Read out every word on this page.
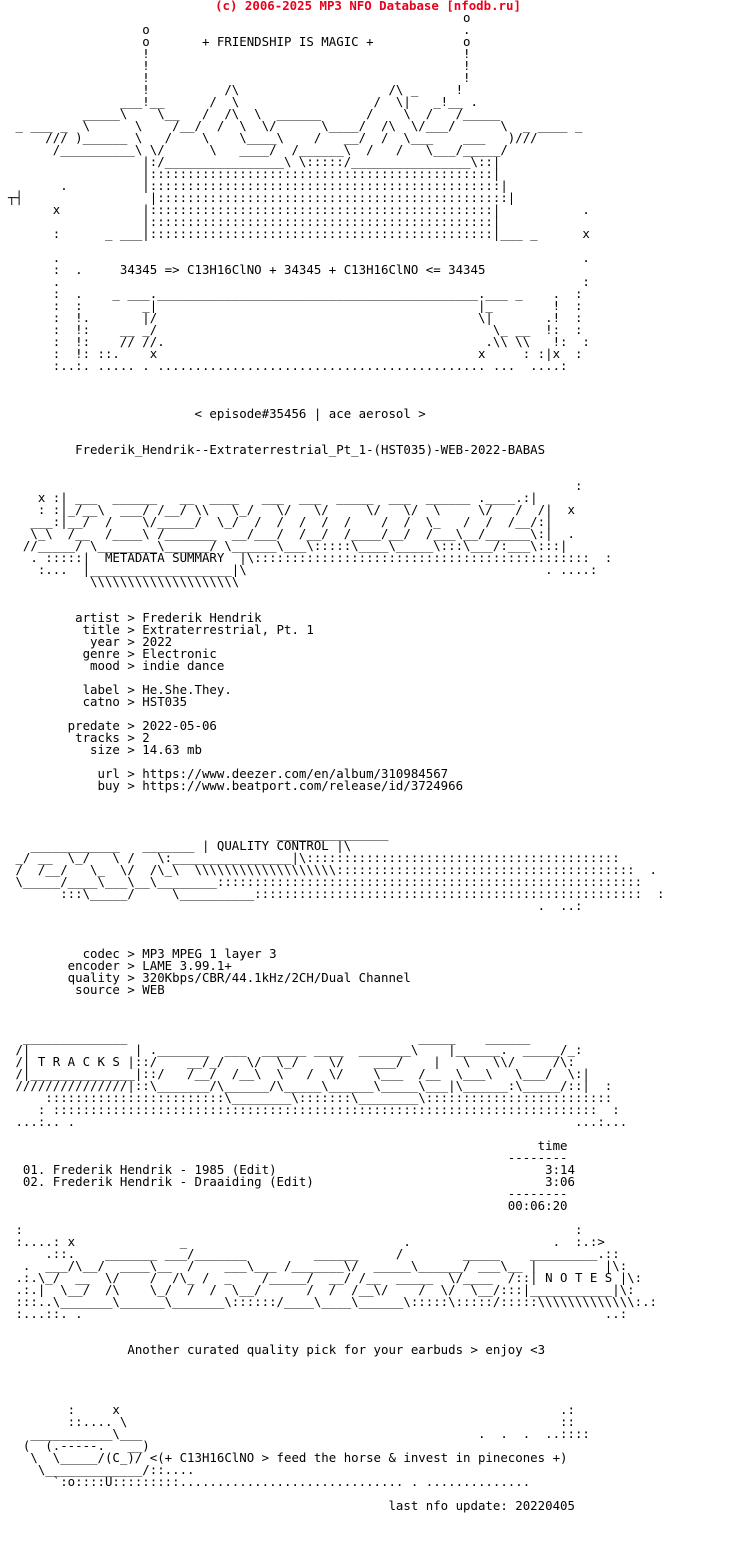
(c) 2006-2025 MP3 NFO Database [nfodb.ru]
o
o                                          .
o       + FRIENDSHIP IS MAGIC +            o
!                                          !
!                                          !
!                                          !
!          /\                    /\ _     !
___!__      /  \                  /  \|   _!__ .
_____\    \__   /  /\  \  ______      /    \  /   /_____
_ ___ _  \      \    /__/  /  \  \/      \____/  /\  \/___/      \  _ ____ _
/// )______ \   /    \    \____\    /   __/  /  \___    ___   )///
/__________\ \/      \   ____/  /______\  /   /   \___/_____/
|:/________________\ \:::::/________________\::|
|::::::::::::::::::::::::::::::::::::::::::::::|
.          |:::::::::::::::::::::::::::::::::::::::::::::::|
┬┤                 |:::::::::::::::::::::::::::::::::::::::::::::::|
x           |::::::::::::::::::::::::::::::::::::::::::::::|           .
|::::::::::::::::::::::::::::::::::::::::::::::|
:      _ ___|::::::::::::::::::::::::::::::::::::::::::::::|___ _      x

.                                                                      .
:  .     34345 => C13H16ClNO + 34345 + C13H16ClNO <= 34345
.                                                                      :
:  .    _ ___.___________________________________________.___ _    .  :
:  :        _|                                           |_        !  :
:  !.       |/                                           \|       .!  :
:  !:    __ _/                                             \_ __  !:  :
:  !:    // //.                                           .\\ \\   !:  :
:  !: ::.    x                                           x     : :|x  :
:..:. ..... . ............................................ ...  ....:

< episode#35456 | ace aerosol >

Frederik_Hendrik--Extraterrestrial_Pt_1-(HST035)-WEB-2022-BABAS

:
x :| ___  ______   __  ____   ___  ___  _____  ___  ______ .____.:|
: :|_/__\  ___/ /__/ \\   \_/   \/   \/     \/   \/  \     \/   /  /|  x
___:|__/  /    \/_____/  \_/  /  /  /  /  /    /  /  \_   /  /  /__/:|
\_\  /__  /____\ /_______  __/___/  /__/  /____/__/  /___\__/______\:|  .
//_____/ \________\______/ \______\___\:::::\____\_____\:::\___/:___\:::|
. :::::|  METADATA SUMMARY  |\:::::::::::::::::::::::::::::::::::::::::::::  :
:...  |___________________|\                                        . ....:
\\\\\\\\\\\\\\\\\\\\

artist > Frederik Hendrik
title > Extraterrestrial, Pt. 1
year > 2022
genre > Electronic
mood > indie dance

label > He.She.They.
catno > HST035

predate > 2022-05-06
tracks > 2
size > 14.63 mb

url > https://www.deezer.com/en/album/310984567
buy > https://www.beatport.com/release/id/3724966

_______________
____________   _______ | QUALITY CONTROL |\
_/ __  \_/   \ /   \:________________|\::::::::::::::::::::::::::::::::::::::::::
/  /__/   \_  \/  /\_\  \\\\\\\\\\\\\\\\\\\::::::::::::::::::::::::::::::::::::::::  .
\_____/____\___\__\________:::::::::::::::::::::::::::::::::::::::::::::::::::::::::
:::\_____/     \__________::::::::::::::::::::::::::::::::::::::::::::::::::::  :
.  ..:

codec > MP3 MPEG 1 layer 3
encoder > LAME 3.99.1+
quality > 320Kbps/CBR/44.1kHz/2CH/Dual Channel
source > WEB

______________                                       _____    ______
/|              | ._______  ___  ______ ____  _______\    |______.  _____/_:
/| T R A C K S |::/    __/_/   \/  \_/    \/    ___/    |   \   \\/     /\:
/|______________|::/   /__/  /__\  \   /  \/    \___  /__  \___\   \___/  \:|
///////////////|::\_______/\______/\_____\______\_____\___|\______:\_____/::|  :
::::::::::::::::::::::::\________\:::::::\________\:::::::::::::::::::::::::
: :::::::::::::::::::::::::::::::::::::::::::::::::::::::::::::::::::::::::  :
...:.. .                                                                   ...:...

time
--------
01. Frederik Hendrik - 1985 (Edit)                                    3:14
02. Frederik Hendrik - Draaiding (Edit)                               3:06
--------
00:06:20

:                                                                          :
:....: x              _                             .                   .  :.:>
.::.    _______ ___/_______         ______     /        _____    _________.::
.  ___/\__/  ____\__  /    ___\___ /_______\/  _____\______/ ___\__ |         |\:
.:.\_/  __  \/    /  /\_ /  _    /_____/  __/ /__  _____  \/____  /::| N O T E S |\:
.:.|  \__/  /\    \_/  /  /  \__/      /  /  /__\/    /  \/  \__/:::|___________|\:
:::..\_______\______\_______\::::::/____\____\______\:::::\:::::/:::::\\\\\\\\\\\\\:.:
:...::. .                                                                      ..:

Another curated quality pick for your earbuds > enjoy <3

:     x                                                           .:
::.... \                                                          ::
___________\___                                             .  .  .  ..::::
(  (.-----.   __)
\  \_____/(C_)/ <(+ C13H16ClNO > feed the horse & invest in pinecones +)
\_____________/::....
`:o::::U:::::::::.............................. . ..............

last nfo update: 20220405
